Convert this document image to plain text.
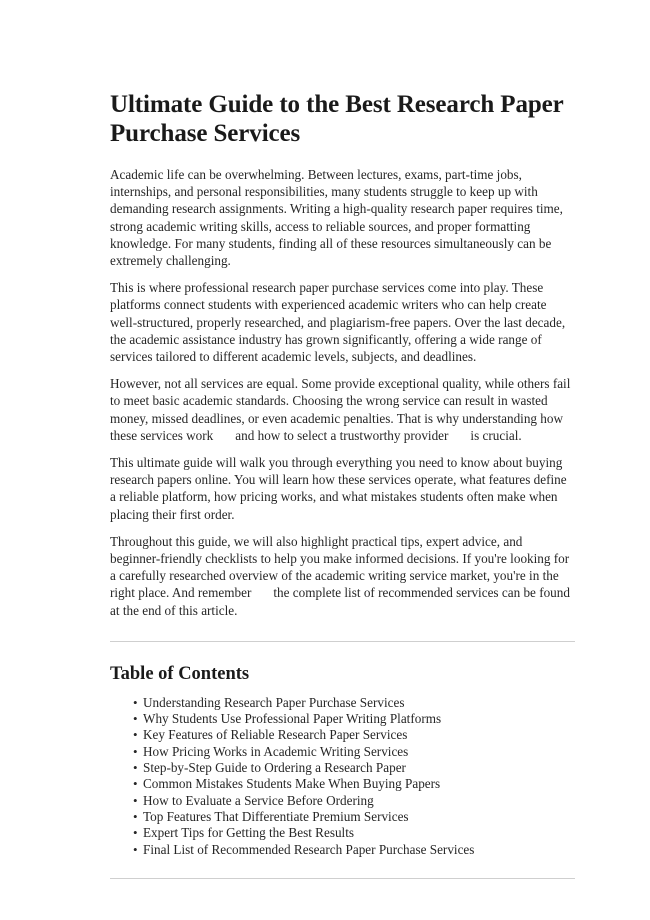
Ultimate Guide to the Best Research Paper Purchase Services

Academic life can be overwhelming. Between lectures, exams, part-time jobs, internships, and personal responsibilities, many students struggle to keep up with demanding research assignments. Writing a high-quality research paper requires time, strong academic writing skills, access to reliable sources, and proper formatting knowledge. For many students, finding all of these resources simultaneously can be extremely challenging.

This is where professional research paper purchase services come into play. These platforms connect students with experienced academic writers who can help create well-structured, properly researched, and plagiarism-free papers. Over the last decade, the academic assistance industry has grown significantly, offering a wide range of services tailored to different academic levels, subjects, and deadlines.

However, not all services are equal. Some provide exceptional quality, while others fail to meet basic academic standards. Choosing the wrong service can result in wasted money, missed deadlines, or even academic penalties. That is why understanding how these services work and how to select a trustworthy provider is crucial.

This ultimate guide will walk you through everything you need to know about buying research papers online. You will learn how these services operate, what features define a reliable platform, how pricing works, and what mistakes students often make when placing their first order.

Throughout this guide, we will also highlight practical tips, expert advice, and beginner-friendly checklists to help you make informed decisions. If you're looking for a carefully researched overview of the academic writing service market, you're in the right place. And remember the complete list of recommended services can be found at the end of this article.

Table of Contents
• Understanding Research Paper Purchase Services
• Why Students Use Professional Paper Writing Platforms
• Key Features of Reliable Research Paper Services
• How Pricing Works in Academic Writing Services
• Step-by-Step Guide to Ordering a Research Paper
• Common Mistakes Students Make When Buying Papers
• How to Evaluate a Service Before Ordering
• Top Features That Differentiate Premium Services
• Expert Tips for Getting the Best Results
• Final List of Recommended Research Paper Purchase Services
